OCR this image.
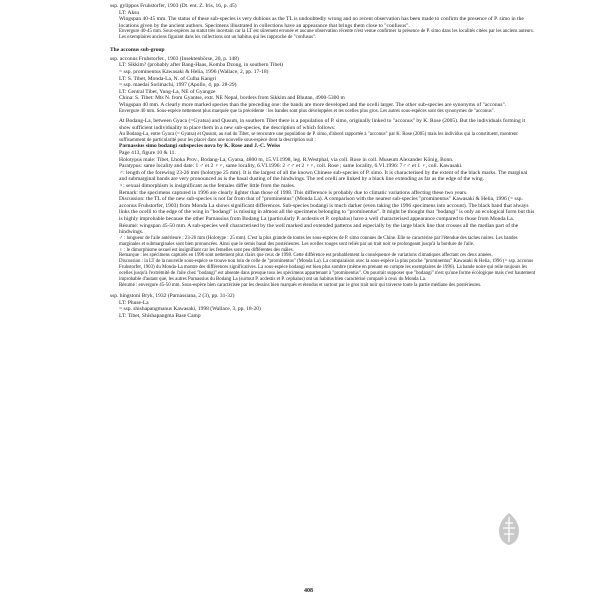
ssp. gylippos Fruhstorfer, 1903 (Dt. ent. Z. Iris, 16, p. 45)

LT: Aksu

Wingspan 40-45 mm. The status of these sub-species is very dubious as the TL is undoubtedly wrong and no recent observation has been made to confirm the presence of P. simo in the locations given by the ancient authors. Specimens illustrated in collections have an appearance that brings them close to "confusus".

Envergure 40-45 mm. Sous-espèces au statut très incertain car la LT est sûrement erronée et aucune observation récente n'est venue confirmer la présence de P. simo dans les localités citées par les anciens auteurs. Les exemplaires anciens figurant dans les collections ont un habitus qui les rapproche de "confusus".

The acconus sub-group

ssp. acconus Fruhstorfer., 1903 (Insektenbörse, 20, p. 148)

LT: Sikkim? (probably after Bang-Haas, Komba Dzong, in southern Tibet)

= ssp. prominentus Kawasaki & Helia, 1996 (Wallace, 2, pp. 17-18)

LT: S. Tibet, Monda-La, N. of Culha Kangri

= ssp. maedai Sorimachi, 1997 (Apollo, 4, pp. 28-29)

LT: Central Tibet, Yung-La, NE of Gyangze

China: S. Tibet: Mts N. from Gyantse, extr. NE Nepal, borders from Sikkim and Bhutan, 4900-5300 m

Wingspan 40 mm. A clearly more marked species than the preceding one: the bands are more developed and the ocelli larger. The other sub-species are synonyms of "acconus".

Envergure 40 mm. Sous-espèce nettement plus marquée que la précédente : les bandes sont plus développées et les ocelles plus gros. Les autres sous-espèces sont des synonymes de "acconus".

At Bodang-La, between Gyaca (=Gyatsa) and Qusum, in southern Tibet there is a population of P. simo, originally linked to "acconus" by K. Rose (2005). But the individuals forming it show sufficient individuality to place them in a new sub-species, the description of which follows:

Au Bodang-La, entre Gyaca (= Gyatsa) et Qusum, au sud du Tibet, se rencontre une population de P. simo, d'abord rapportée à "acconus" par K. Rose (2005) mais les individus qui la constituent, montrent suffisamment de particularité pour les placer dans une nouvelle sous-espèce dont la description suit :

Parnassius simo bodangi subspecies nova by K. Rose and J.-C. Weiss

Page 413, figure 10 & 11.

Holotypus male: Tibet, Lhoka Prov., Bodang-La, Gyatsa, 4800 m, 15.VI.1998, leg. R.Westphal, via coll. Rose in coll. Museum Alexander König, Bonn.

Paratypus: same locality and date: 1 ♂ et 2 ♀♀, same locality, 6.VI.1996: 2 ♂♂ et 2 ♀♀, coll. Rose ; same locality, 6.VI.1996: 7♂♂ et 1 ♀, coll. Kawasaki.

♂: length of the forewing 23-26 mm (holotype 25 mm). It is the largest of all the known Chinese sub-species of P. simo. It is characterised by the extent of the black marks. The marginal and submarginal bands are very pronounced as is the basal dusting of the hindwings. The red ocelli are linked by a black line extending as far as the edge of the wing.

♀: sexual dimorphism is insignificant as the females differ little from the males.

Remark: the specimens captured in 1996 are clearly lighter than those of 1998. This difference is probably due to climatic variations affecting these two years.

Discussion: the TL of the new sub-species is not far from that of "prominentus" (Monda La). A comparison with the nearest sub-species "prominentus" Kawasaki & Helia, 1996 (= ssp. acconus Fruhstorfer, 1903) from Monda La shows significant differences. Sub-species bodangi is much darker (even taking the 1996 specimens into account). The black band that always links the ocelli to the edge of the wing in "bodangi" is missing in almost all the specimens belonging to "prominentus". It might be thought that "bodangi" is only an ecological form but this is highly improbable because the other Parnassius from Bodang La (particularly P. acdestis et P. cephalus) have a well characterised appearance compared to those from Monda La.

Résumé: wingspan 45-50 mm. A sub-species well characterised by the well marked and extended patterns and especially by the large black line that crosses all the median part of the hindwings.

♂ : longueur de l'aile antérieure : 23-26 mm (Holotype : 25 mm). C'est la plus grande de toutes les sous-espèces de P. simo connues de Chine. Elle se caractérise par l'étendue des taches noires. Les bandes marginales et submarginales sont bien prononcées. Ainsi que le semis basal des postérieures. Les ocelles rouges sont reliés par un trait noir se prolongeant jusqu'à la bordure de l'aile.

♀ : le dimorphisme sexuel est insignifiant car les femelles sont peu différentes des mâles.

Remarque : les spécimens capturés en 1996 sont nettement plus clairs que ceux de 1998. Cette différence est probablement la conséquence de variations climatiques affectant ces deux années.

Discussion : la LT de la nouvelle sous-espèce se trouve non loin de celle de "prominentus" (Monda La). La comparaison avec la sous-espèce la plus proche "prominentus" Kawasaki & Helia, 1996 (= ssp. acconus Fruhstorfer, 1903) du Monda-La montre des différences significatives. La sous-espèce bodangi est bien plus sombre (même en prenant en compte les exemplaires de 1996). La bande noire qui relie toujours les ocelles jusqu'à l'extrémité de l'aile chez "bodangi" est absente dans presque tous les spécimens appartenant à "prominentus". On pourrait supposer que "bodangi" n'est qu'une forme écologique mais c'est hautement improbable d'autant que, les autres Parnassius du Bodang La (surtout P. acdestis et P. cephalus) ont un habitus bien caractérisé comparé à ceux du Monda La.

Résumé : envergure 45-50 mm. Sous-espèce bien caractérisée par les dessins bien marqués et étendus et surtout par le gros trait noir qui traverse toute la partie médiane des postérieures.

ssp. hingstoni Bryk, 1932 (Parnassiana, 2 (3), pp. 31-32)

LT: Phuse-La

= ssp. shishapangmanus Kawasaki, 1998 (Wallace, 3, pp. 18-20)

LT: Tibet, Shishapangma Base Camp

408
